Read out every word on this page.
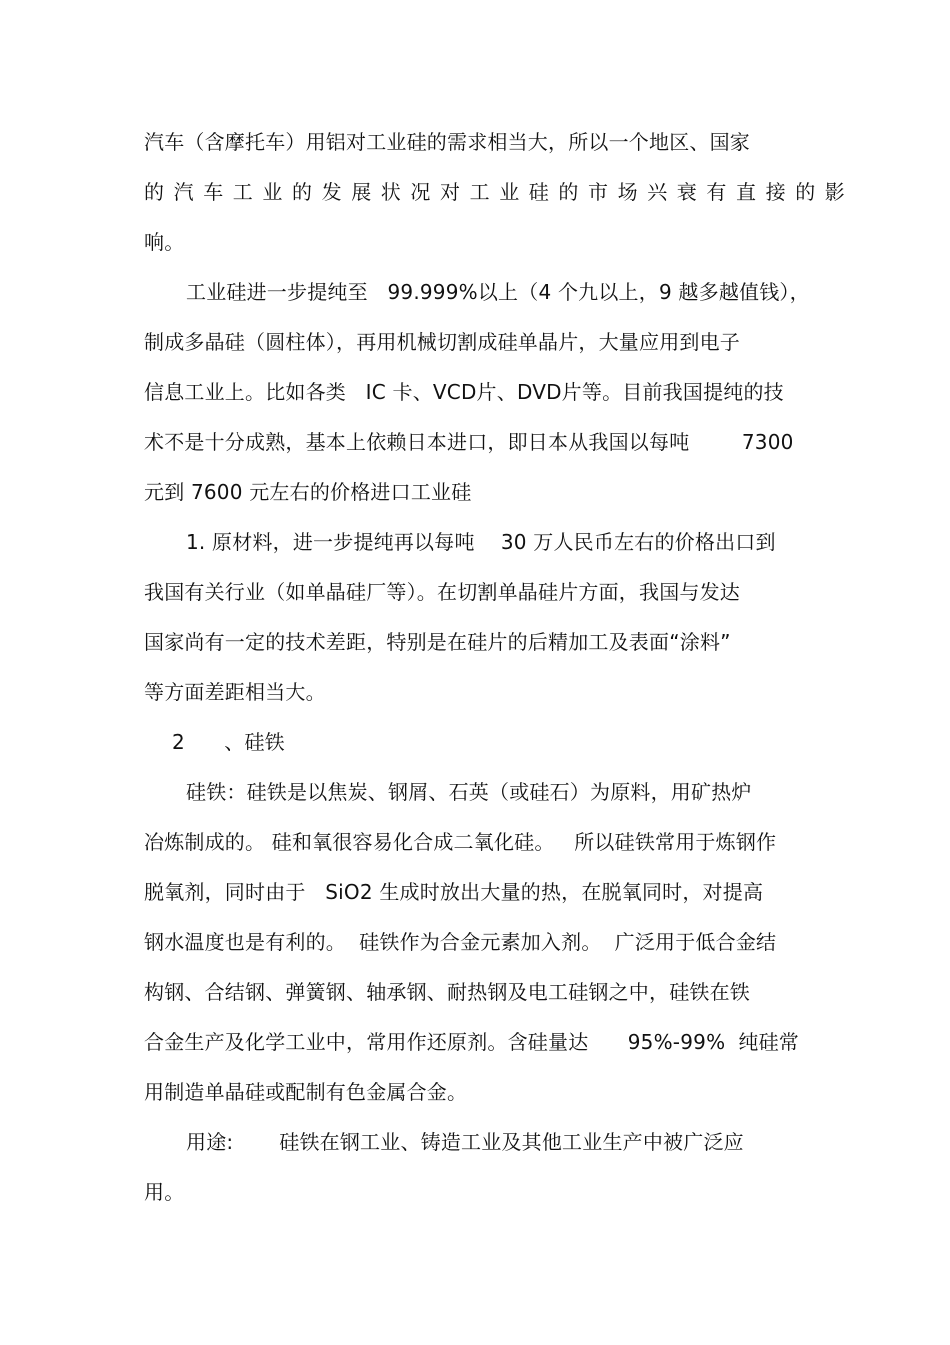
汽车（含摩托车）用铝对工业硅的需求相当大，所以一个地区、国家
的汽车工业的发展状况对工业硅的市场兴衰有直接的影
响。
工业硅进一步提纯至   99.999%以上（4 个九以上，9 越多越值钱），
制成多晶硅（圆柱体），再用机械切割成硅单晶片，大量应用到电子
信息工业上。比如各类   IC 卡、VCD片、DVD片等。目前我国提纯的技
术不是十分成熟，基本上依赖日本进口，即日本从我国以每吨        7300
元到 7600 元左右的价格进口工业硅
1. 原材料，进一步提纯再以每吨    30 万人民币左右的价格出口到
我国有关行业（如单晶硅厂等）。在切割单晶硅片方面，我国与发达
国家尚有一定的技术差距，特别是在硅片的后精加工及表面“涂料”
等方面差距相当大。
2      、硅铁
硅铁：硅铁是以焦炭、钢屑、石英（或硅石）为原料，用矿热炉
冶炼制成的。 硅和氧很容易化合成二氧化硅。   所以硅铁常用于炼钢作
脱氧剂，同时由于   SiO2 生成时放出大量的热，在脱氧同时，对提高
钢水温度也是有利的。  硅铁作为合金元素加入剂。  广泛用于低合金结
构钢、合结钢、弹簧钢、轴承钢、耐热钢及电工硅钢之中，硅铁在铁
合金生产及化学工业中，常用作还原剂。含硅量达      95%-99%  纯硅常
用制造单晶硅或配制有色金属合金。
用途:       硅铁在钢工业、铸造工业及其他工业生产中被广泛应
用。
